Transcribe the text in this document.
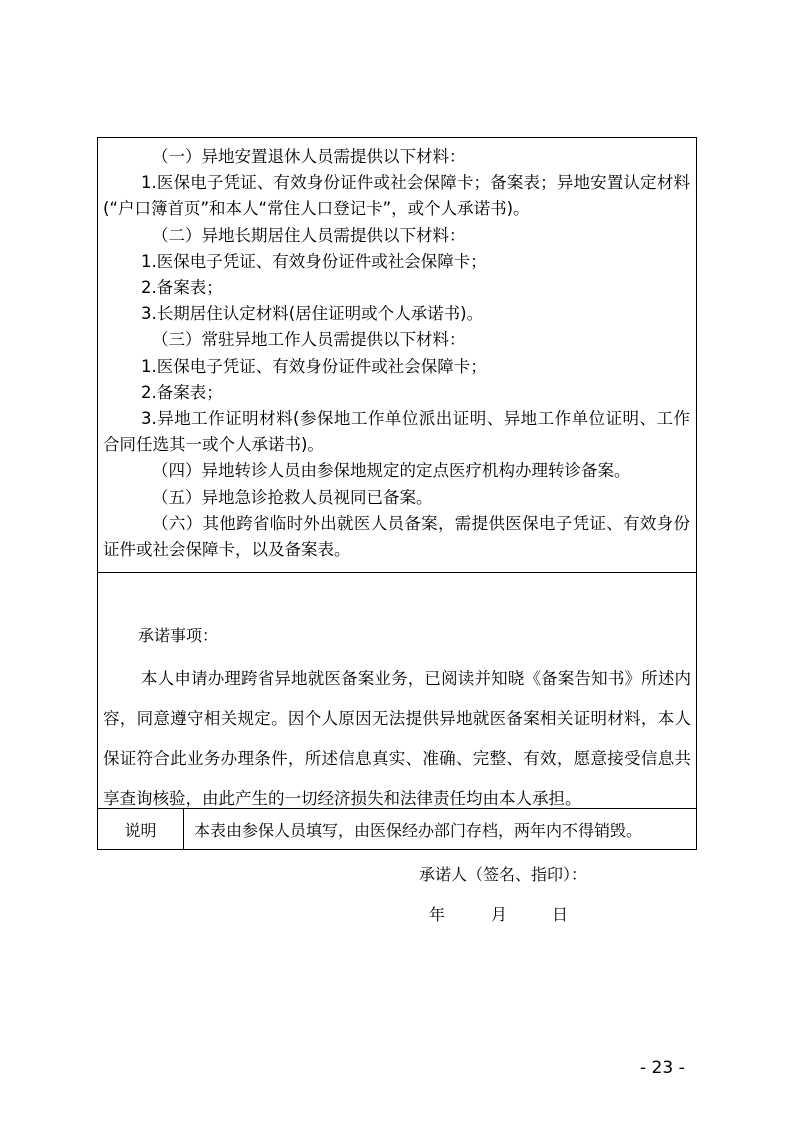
（一）异地安置退休人员需提供以下材料：

1.医保电子凭证、有效身份证件或社会保障卡；备案表；异地安置认定材料(“户口簿首页”和本人“常住人口登记卡”，或个人承诺书)。

（二）异地长期居住人员需提供以下材料：

1.医保电子凭证、有效身份证件或社会保障卡；

2.备案表；

3.长期居住认定材料(居住证明或个人承诺书)。

（三）常驻异地工作人员需提供以下材料：

1.医保电子凭证、有效身份证件或社会保障卡；

2.备案表；

3.异地工作证明材料(参保地工作单位派出证明、异地工作单位证明、工作合同任选其一或个人承诺书)。

（四）异地转诊人员由参保地规定的定点医疗机构办理转诊备案。

（五）异地急诊抢救人员视同已备案。

（六）其他跨省临时外出就医人员备案，需提供医保电子凭证、有效身份证件或社会保障卡，以及备案表。

承诺事项：

本人申请办理跨省异地就医备案业务，已阅读并知晓《备案告知书》所述内容，同意遵守相关规定。因个人原因无法提供异地就医备案相关证明材料，本人保证符合此业务办理条件，所述信息真实、准确、完整、有效，愿意接受信息共享查询核验，由此产生的一切经济损失和法律责任均由本人承担。

说明	本表由参保人员填写，由医保经办部门存档，两年内不得销毁。
承诺人（签名、指印）：
年	月	日
- 23 -
